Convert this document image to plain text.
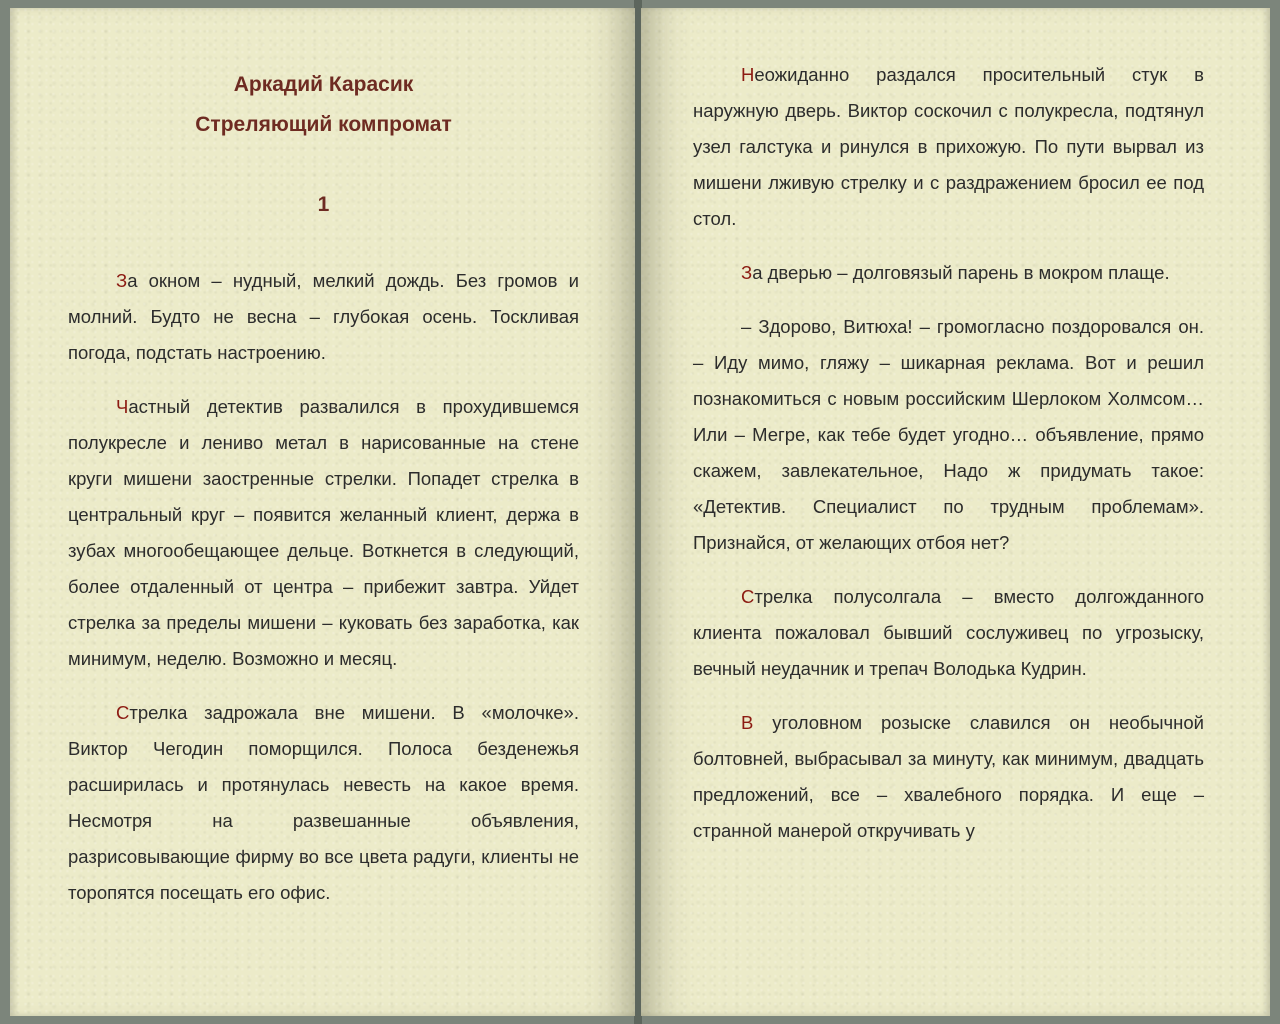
Аркадий Карасик
Стреляющий компромат
1

За окном – нудный, мелкий дождь. Без громов и молний. Будто не весна – глубокая осень. Тоскливая погода, подстать настроению.

Частный детектив развалился в прохудившемся полукресле и лениво метал в нарисованные на стене круги мишени заостренные стрелки. Попадет стрелка в центральный круг – появится желанный клиент, держа в зубах многообещающее дельце. Воткнется в следующий, более отдаленный от центра – прибежит завтра. Уйдет стрелка за пределы мишени – куковать без заработка, как минимум, неделю. Возможно и месяц.

Стрелка задрожала вне мишени. В «молочке». Виктор Чегодин поморщился. Полоса безденежья расширилась и протянулась невесть на какое время. Несмотря на развешанные объявления, разрисовывающие фирму во все цвета радуги, клиенты не торопятся посещать его офис.

Неожиданно раздался просительный стук в наружную дверь. Виктор соскочил с полукресла, подтянул узел галстука и ринулся в прихожую. По пути вырвал из мишени лживую стрелку и с раздражением бросил ее под стол.

За дверью – долговязый парень в мокром плаще.

– Здорово, Витюха! – громогласно поздоровался он. – Иду мимо, гляжу – шикарная реклама. Вот и решил познакомиться с новым российским Шерлоком Холмсом… Или – Мегре, как тебе будет угодно… объявление, прямо скажем, завлекательное, Надо ж придумать такое: «Детектив. Специалист по трудным проблемам». Признайся, от желающих отбоя нет?

Стрелка полусолгала – вместо долгожданного клиента пожаловал бывший сослуживец по угрозыску, вечный неудачник и трепач Володька Кудрин.

В уголовном розыске славился он необычной болтовней, выбрасывал за минуту, как минимум, двадцать предложений, все – хвалебного порядка. И еще – странной манерой откручивать у
